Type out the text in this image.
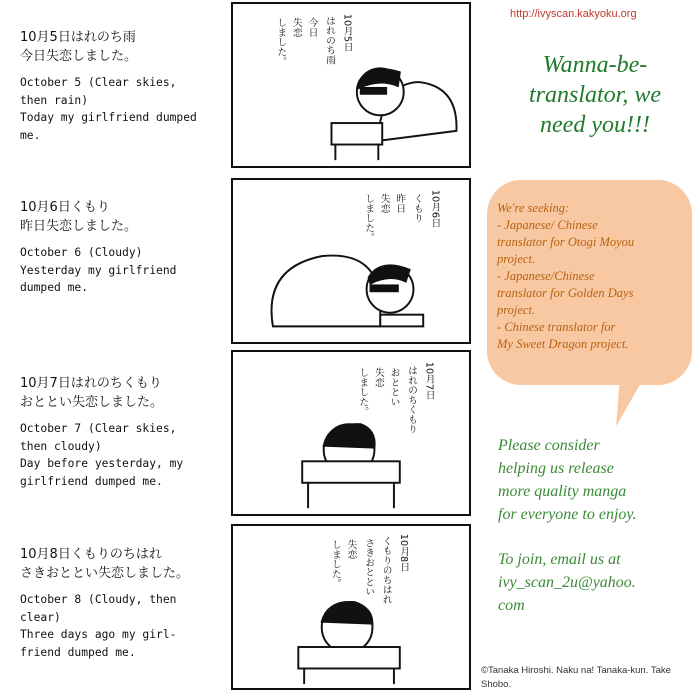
10月5日はれのち雨
今日失恋しました。
October 5 (Clear skies,
then rain)
Today my girlfriend dumped
me.
10月6日くもり
昨日失恋しました。
October 6 (Cloudy)
Yesterday my girlfriend
dumped me.
10月7日はれのちくもり
おととい失恋しました。
October 7 (Clear skies,
then cloudy)
Day before yesterday, my
girlfriend dumped me.
10月8日くもりのちはれ
さきおととい失恋しました。
October 8 (Cloudy, then
clear)
Three days ago my girl-
friend dumped me.
10月5日
はれのち雨
今日
失恋
しました。
10月6日
くもり
昨日
失恋
しました。
10月7日
はれのちくもり
おととい
失恋
しました。
10月8日
くもりのちはれ
さきおととい
失恋
しました。
http://ivyscan.kakyoku.org
Wanna-be-
translator, we
need you!!!
We're seeking:
- Japanese/ Chinese
translator for Otogi Moyou
project.
- Japanese/Chinese
translator for Golden Days
project.
- Chinese translator for
My Sweet Dragon project.
Please consider
helping us release
more quality manga
for everyone to enjoy.
To join, email us at
ivy_scan_2u@yahoo.
com
©Tanaka Hiroshi. Naku na! Tanaka-kun. Take Shobo.
